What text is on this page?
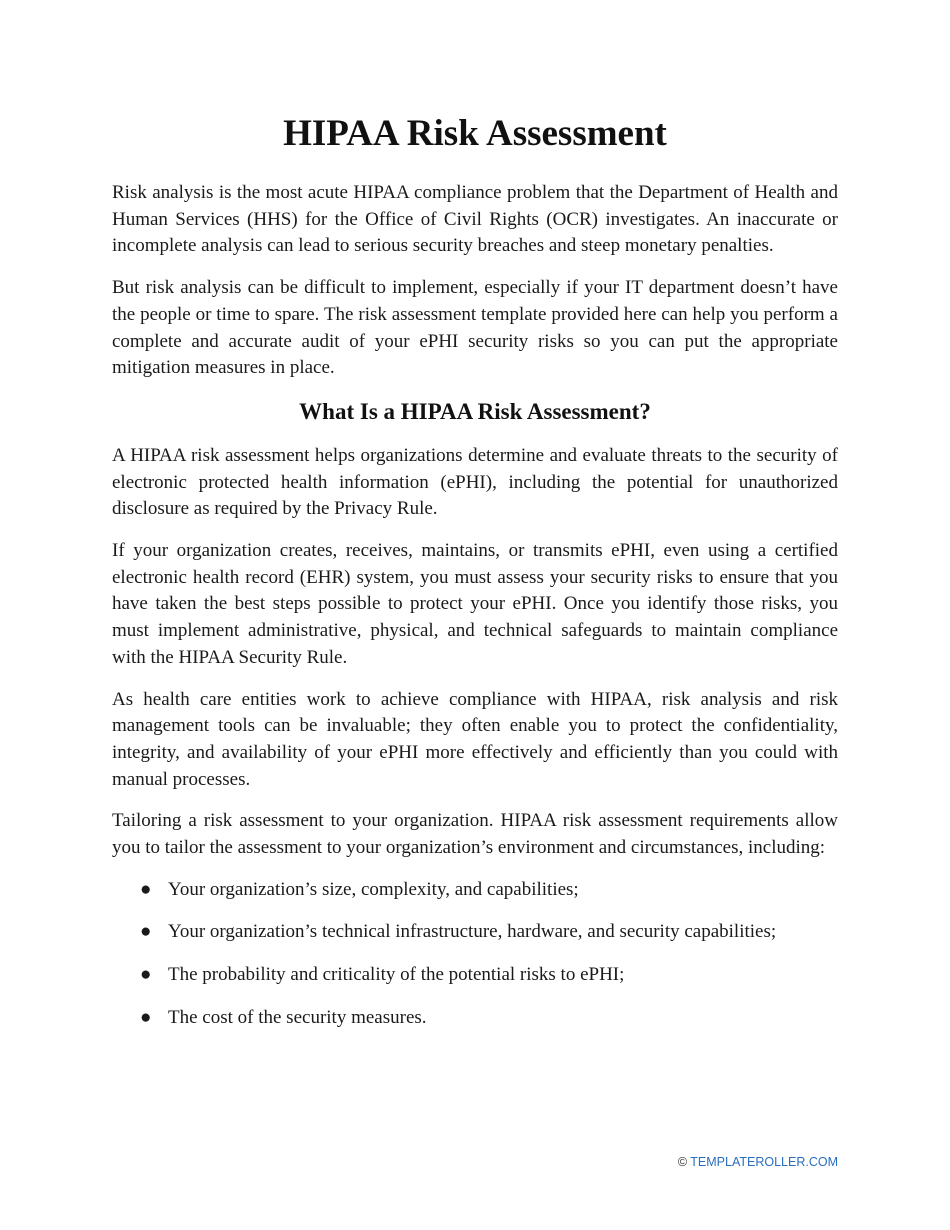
HIPAA Risk Assessment

Risk analysis is the most acute HIPAA compliance problem that the Department of Health and Human Services (HHS) for the Office of Civil Rights (OCR) investigates. An inaccurate or incomplete analysis can lead to serious security breaches and steep monetary penalties.

But risk analysis can be difficult to implement, especially if your IT department doesn’t have the people or time to spare. The risk assessment template provided here can help you perform a complete and accurate audit of your ePHI security risks so you can put the appropriate mitigation measures in place.

What Is a HIPAA Risk Assessment?

A HIPAA risk assessment helps organizations determine and evaluate threats to the security of electronic protected health information (ePHI), including the potential for unauthorized disclosure as required by the Privacy Rule.

If your organization creates, receives, maintains, or transmits ePHI, even using a certified electronic health record (EHR) system, you must assess your security risks to ensure that you have taken the best steps possible to protect your ePHI. Once you identify those risks, you must implement administrative, physical, and technical safeguards to maintain compliance with the HIPAA Security Rule.

As health care entities work to achieve compliance with HIPAA, risk analysis and risk management tools can be invaluable; they often enable you to protect the confidentiality, integrity, and availability of your ePHI more effectively and efficiently than you could with manual processes.

Tailoring a risk assessment to your organization. HIPAA risk assessment requirements allow you to tailor the assessment to your organization’s environment and circumstances, including:

● Your organization’s size, complexity, and capabilities;
● Your organization’s technical infrastructure, hardware, and security capabilities;
● The probability and criticality of the potential risks to ePHI;
● The cost of the security measures.
© TEMPLATEROLLER.COM
